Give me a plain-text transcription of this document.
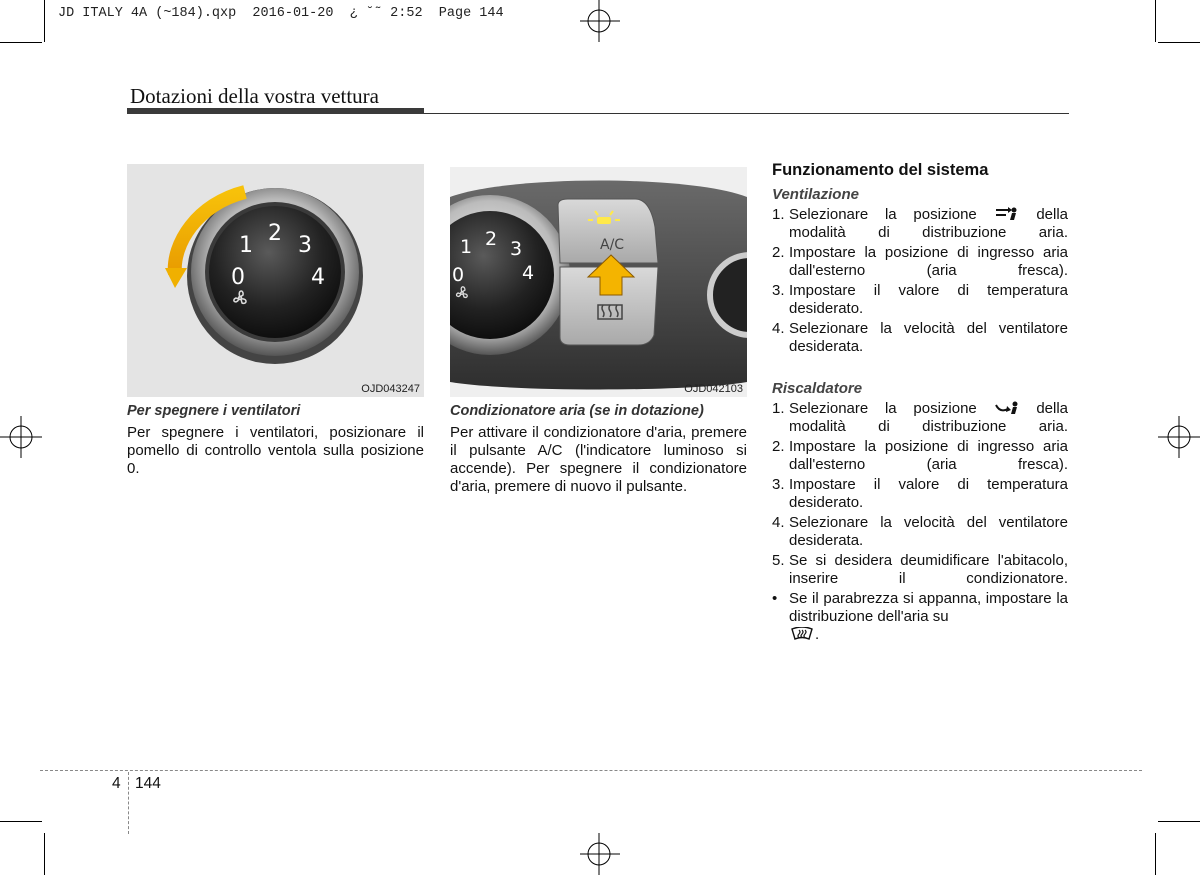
JD ITALY 4A (~184).qxp  2016-01-20  ¿ ˘˜ 2:52  Page 144
Dotazioni della vostra vettura
0
1 2 3
4
OJD043247
0
1 2 3
4
A/C
OJD042103
Per spegnere i ventilatori
Per spegnere i ventilatori, posizionare il pomello di controllo ventola sulla posizione 0.
Condizionatore aria (se in dotazione)
Per attivare il condizionatore d'aria, premere il pulsante A/C (l'indicatore luminoso si accende). Per spegnere il condizionatore d'aria, premere di nuovo il pulsante.
Funzionamento del sistema
Ventilazione
1. Selezionare la posizione	della modalità di distribuzione aria.
2. Impostare la posizione di ingresso aria dall'esterno (aria fresca).
3. Impostare il valore di temperatura desiderato.
4. Selezionare la velocità del ventilatore desiderata.
Riscaldatore
1. Selezionare la posizione	della modalità di distribuzione aria.
2. Impostare la posizione di ingresso aria dall'esterno (aria fresca).
3. Impostare il valore di temperatura desiderato.
4. Selezionare la velocità del ventilatore desiderata.
5. Se si desidera deumidificare l'abitacolo, inserire il condizionatore.
• Se il parabrezza si appanna, impostare la distribuzione dell'aria su
.
4 144
